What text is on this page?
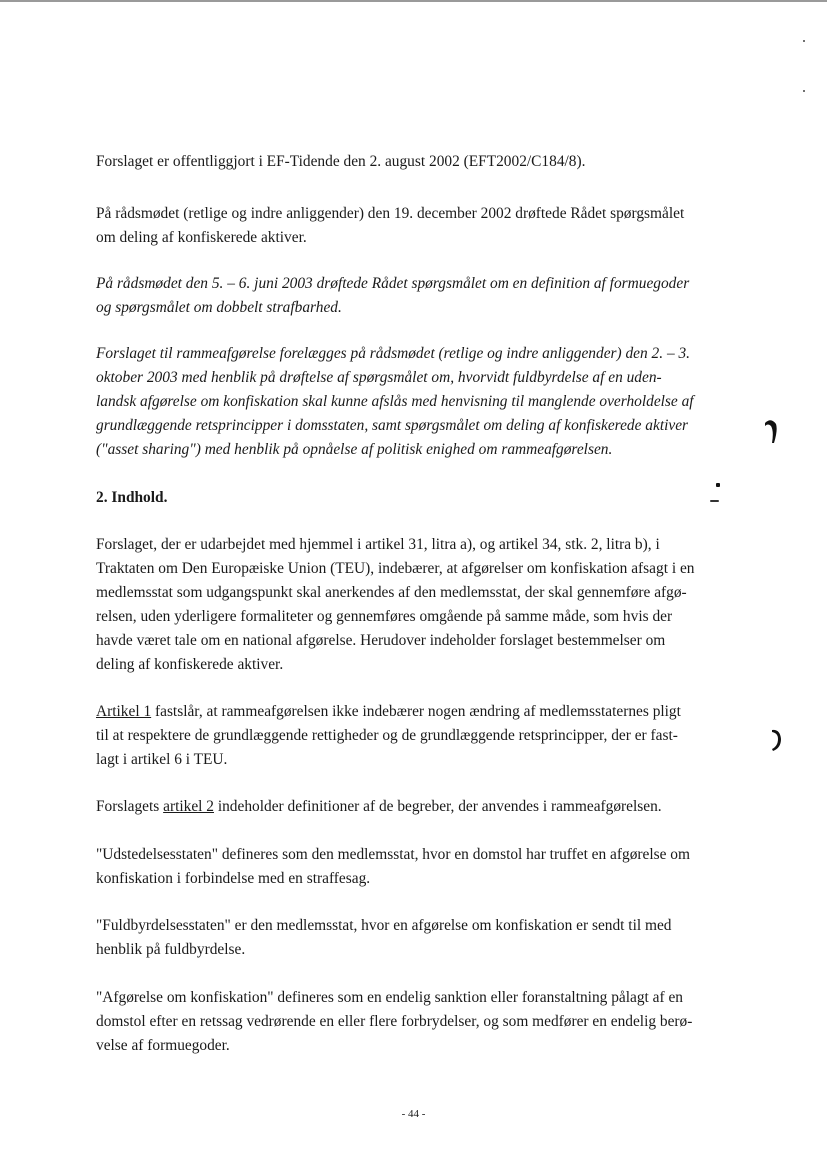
Forslaget er offentliggjort i EF-Tidende den 2. august 2002 (EFT2002/C184/8).

På rådsmødet (retlige og indre anliggender) den 19. december 2002 drøftede Rådet spørgsmålet
om deling af konfiskerede aktiver.

På rådsmødet den 5. – 6. juni 2003 drøftede Rådet spørgsmålet om en definition af formuegoder
og spørgsmålet om dobbelt strafbarhed.

Forslaget til rammeafgørelse forelægges på rådsmødet (retlige og indre anliggender) den 2. – 3.
oktober 2003 med henblik på drøftelse af spørgsmålet om, hvorvidt fuldbyrdelse af en uden-
landsk afgørelse om konfiskation skal kunne afslås med henvisning til manglende overholdelse af
grundlæggende retsprincipper i domsstaten, samt spørgsmålet om deling af konfiskerede aktiver
("asset sharing") med henblik på opnåelse af politisk enighed om rammeafgørelsen.

2. Indhold.

Forslaget, der er udarbejdet med hjemmel i artikel 31, litra a), og artikel 34, stk. 2, litra b), i
Traktaten om Den Europæiske Union (TEU), indebærer, at afgørelser om konfiskation afsagt i en
medlemsstat som udgangspunkt skal anerkendes af den medlemsstat, der skal gennemføre afgø-
relsen, uden yderligere formaliteter og gennemføres omgående på samme måde, som hvis der
havde været tale om en national afgørelse. Herudover indeholder forslaget bestemmelser om
deling af konfiskerede aktiver.

Artikel 1 fastslår, at rammeafgørelsen ikke indebærer nogen ændring af medlemsstaternes pligt
til at respektere de grundlæggende rettigheder og de grundlæggende retsprincipper, der er fast-
lagt i artikel 6 i TEU.

Forslagets artikel 2 indeholder definitioner af de begreber, der anvendes i rammeafgørelsen.

"Udstedelsesstaten" defineres som den medlemsstat, hvor en domstol har truffet en afgørelse om
konfiskation i forbindelse med en straffesag.

"Fuldbyrdelsesstaten" er den medlemsstat, hvor en afgørelse om konfiskation er sendt til med
henblik på fuldbyrdelse.

"Afgørelse om konfiskation" defineres som en endelig sanktion eller foranstaltning pålagt af en
domstol efter en retssag vedrørende en eller flere forbrydelser, og som medfører en endelig berø-
velse af formuegoder.

- 44 -
